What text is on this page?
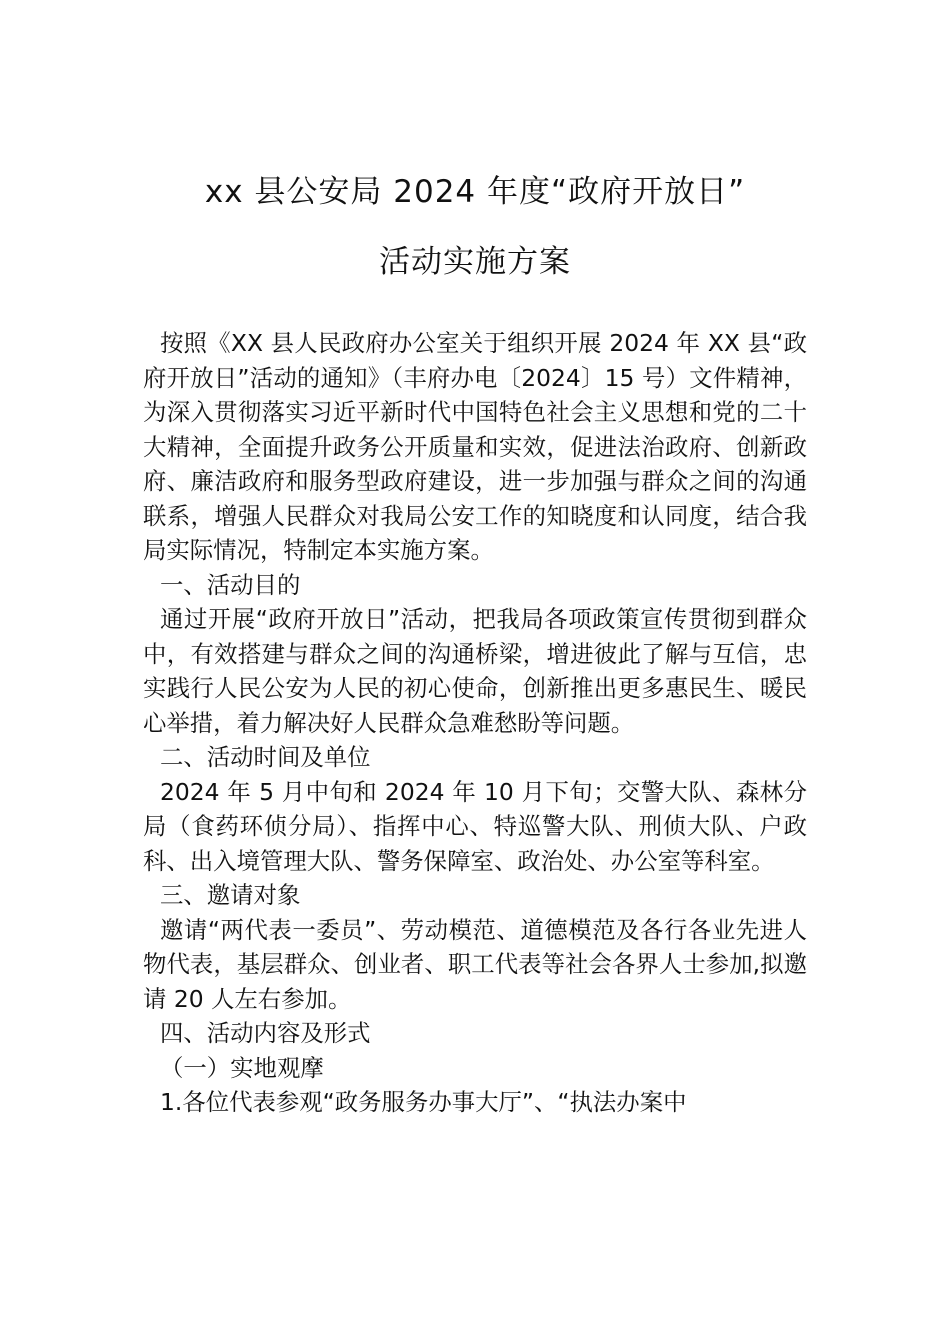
xx 县公安局 2024 年度“政府开放日”
活动实施方案

按照《XX 县人民政府办公室关于组织开展 2024 年 XX 县“政府开放日”活动的通知》（丰府办电〔2024〕15 号）文件精神，为深入贯彻落实习近平新时代中国特色社会主义思想和党的二十大精神，全面提升政务公开质量和实效，促进法治政府、创新政府、廉洁政府和服务型政府建设，进一步加强与群众之间的沟通联系，增强人民群众对我局公安工作的知晓度和认同度，结合我局实际情况，特制定本实施方案。

一、活动目的

通过开展“政府开放日”活动，把我局各项政策宣传贯彻到群众中，有效搭建与群众之间的沟通桥梁，增进彼此了解与互信，忠实践行人民公安为人民的初心使命，创新推出更多惠民生、暖民心举措，着力解决好人民群众急难愁盼等问题。

二、活动时间及单位

2024 年 5 月中旬和 2024 年 10 月下旬；交警大队、森林分局（食药环侦分局）、指挥中心、特巡警大队、刑侦大队、户政科、出入境管理大队、警务保障室、政治处、办公室等科室。

三、邀请对象

邀请“两代表一委员”、劳动模范、道德模范及各行各业先进人物代表，基层群众、创业者、职工代表等社会各界人士参加,拟邀请 20 人左右参加。

四、活动内容及形式

（一）实地观摩

1.各位代表参观“政务服务办事大厅”、“执法办案中
